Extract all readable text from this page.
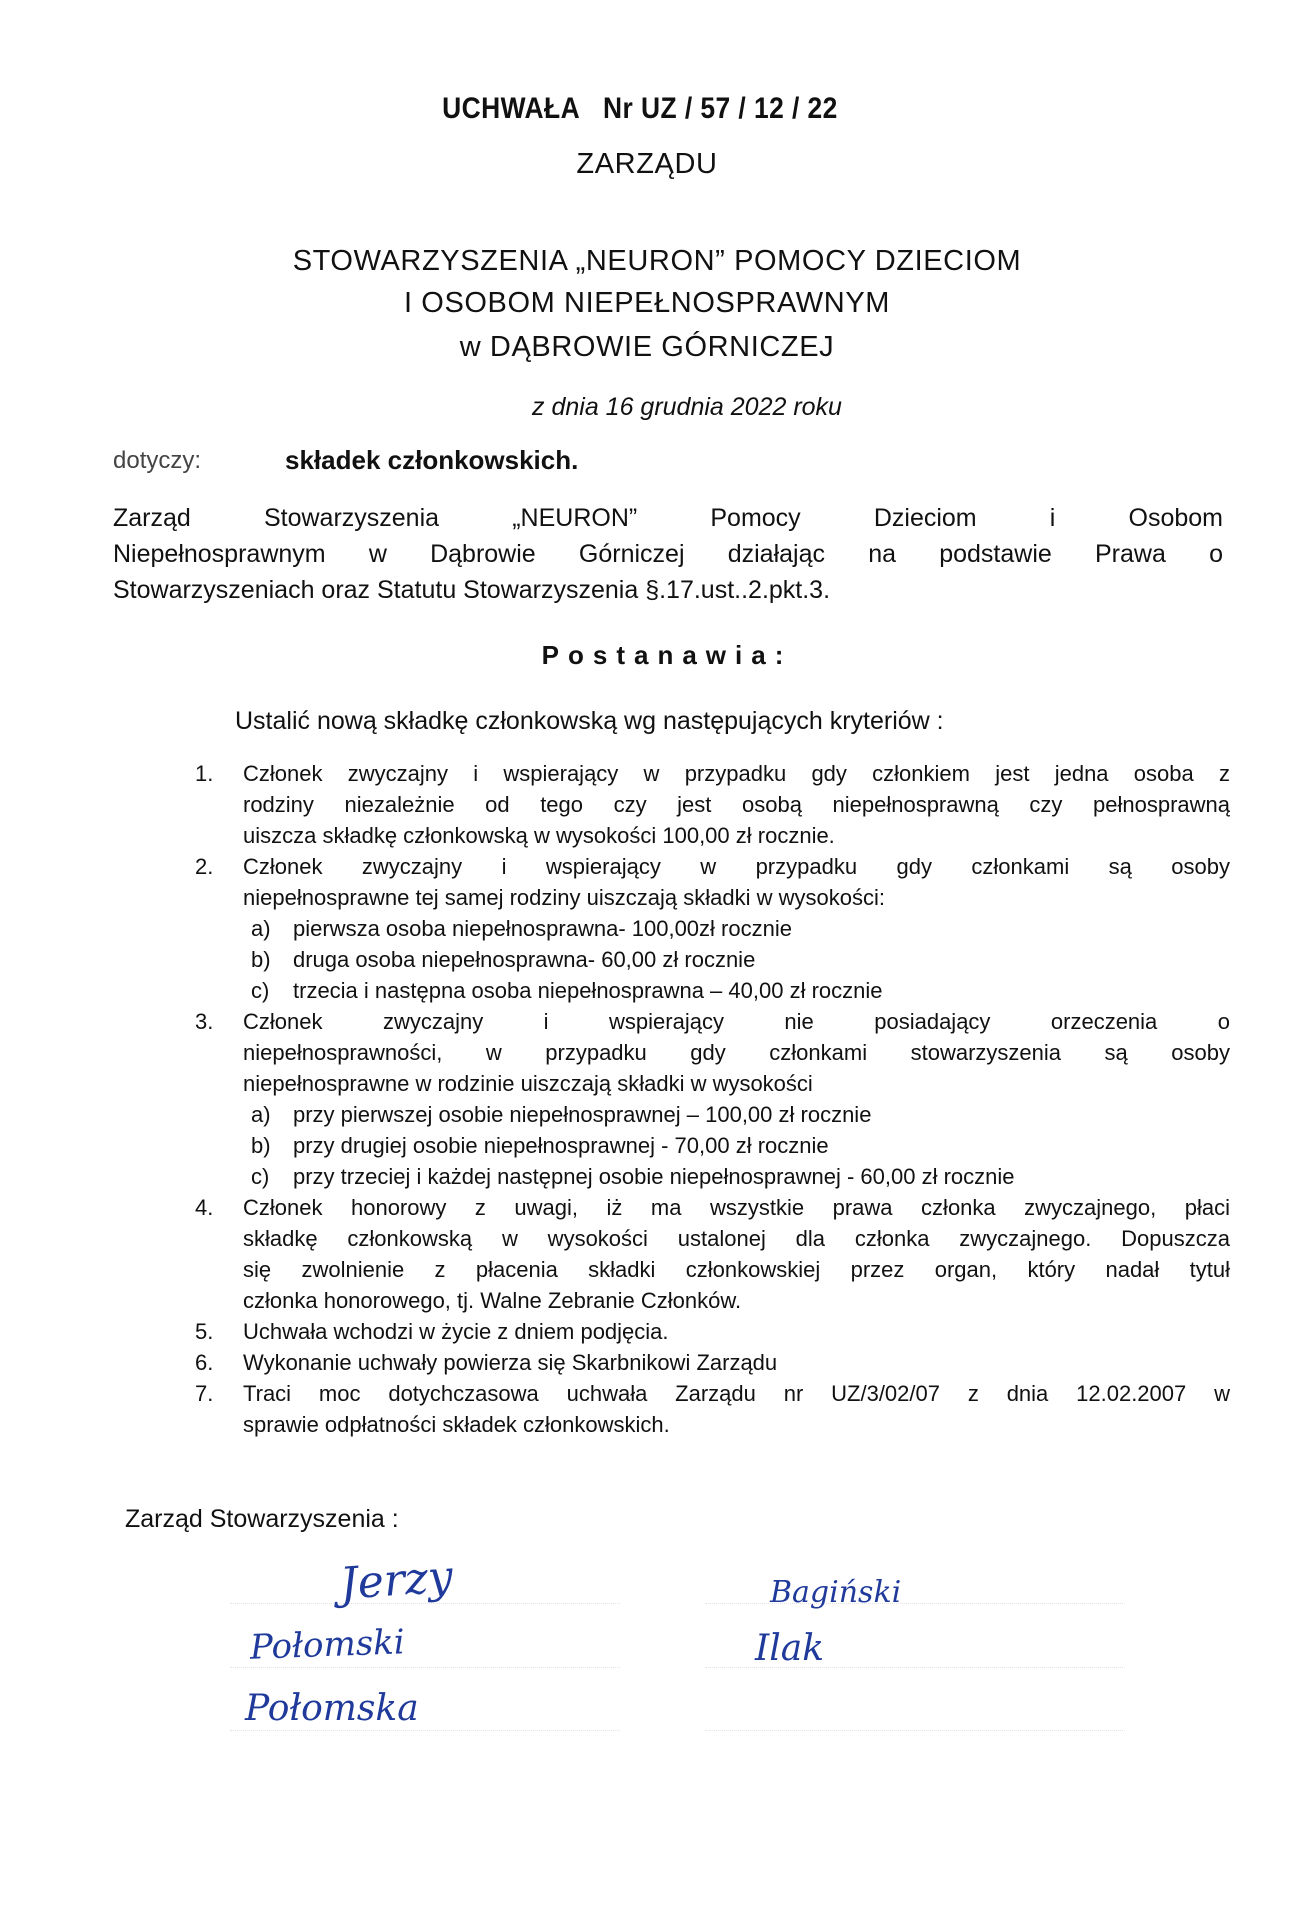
UCHWAŁA Nr UZ / 57 / 12 / 22
ZARZĄDU
STOWARZYSZENIA „NEURON” POMOCY DZIECIOM
I OSOBOM NIEPEŁNOSPRAWNYM
w DĄBROWIE GÓRNICZEJ
z dnia 16 grudnia 2022 roku
dotyczy:	składek członkowskich.
Zarząd Stowarzyszenia „NEURON” Pomocy Dzieciom i Osobom
Niepełnosprawnym w Dąbrowie Górniczej działając na podstawie Prawa o
Stowarzyszeniach oraz Statutu Stowarzyszenia §.17.ust..2.pkt.3.
Postanawia:
Ustalić nową składkę członkowską wg następujących kryteriów :
1.	Członek zwyczajny i wspierający w przypadku gdy członkiem jest jedna osoba z
rodziny niezależnie od tego czy jest osobą niepełnosprawną czy pełnosprawną
uiszcza składkę członkowską w wysokości 100,00 zł rocznie.
2.	Członek zwyczajny i wspierający w przypadku gdy członkami są osoby
niepełnosprawne tej samej rodziny uiszczają składki w wysokości:
a) pierwsza osoba niepełnosprawna- 100,00zł rocznie
b) druga osoba niepełnosprawna- 60,00 zł rocznie
c) trzecia i następna osoba niepełnosprawna – 40,00 zł rocznie
3.	Członek zwyczajny i wspierający nie posiadający orzeczenia o
niepełnosprawności, w przypadku gdy członkami stowarzyszenia są osoby
niepełnosprawne w rodzinie uiszczają składki w wysokości
a) przy pierwszej osobie niepełnosprawnej – 100,00 zł rocznie
b) przy drugiej osobie niepełnosprawnej - 70,00 zł rocznie
c) przy trzeciej i każdej następnej osobie niepełnosprawnej - 60,00 zł rocznie
4.	Członek honorowy z uwagi, iż ma wszystkie prawa członka zwyczajnego, płaci
składkę członkowską w wysokości ustalonej dla członka zwyczajnego. Dopuszcza
się zwolnienie z płacenia składki członkowskiej przez organ, który nadał tytuł
członka honorowego, tj. Walne Zebranie Członków.
5.	Uchwała wchodzi w życie z dniem podjęcia.
6.	Wykonanie uchwały powierza się Skarbnikowi Zarządu
7.	Traci moc dotychczasowa uchwała Zarządu nr UZ/3/02/07 z dnia 12.02.2007 w
sprawie odpłatności składek członkowskich.
Zarząd Stowarzyszenia :
Jerzy
Połomski
Połomska
Bagiński
Ilak
